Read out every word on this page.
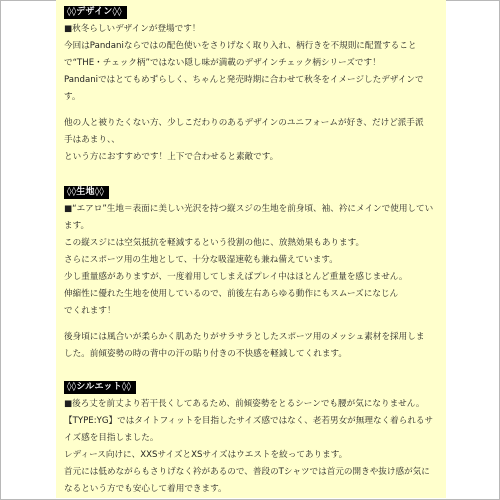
◊◊デザイン◊◊

■秋冬らしいデザインが登場です！

今回はPandaniならではの配色使いをさりげなく取り入れ、柄行きを不規則に配置すること

で“THE・チェック柄”ではない隠し味が満載のデザインチェック柄シリーズです！

Pandaniではとてもめずらしく、ちゃんと発売時期に合わせて秋冬をイメージしたデザインで

す。

他の人と被りたくない方、少しこだわりのあるデザインのユニフォームが好き、だけど派手派

手はあまり、、

という方におすすめです！上下で合わせると素敵です。

◊◊生地◊◊

■“エアロ”生地＝表面に美しい光沢を持つ縦スジの生地を前身頃、袖、衿にメインで使用してい

ます。

この縦スジには空気抵抗を軽減するという役割の他に、放熱効果もあります。

さらにスポーツ用の生地として、十分な吸湿速乾も兼ね備えています。

少し重量感がありますが、一度着用してしまえばプレイ中はほとんど重量を感じません。

伸縮性に優れた生地を使用しているので、前後左右あらゆる動作にもスムーズになじん

でくれます！

後身頃には風合いが柔らかく肌あたりがサラサラとしたスポーツ用のメッシュ素材を採用しま

した。前傾姿勢の時の背中の汗の貼り付きの不快感を軽減してくれます。

◊◊シルエット◊◊

■後ろ丈を前丈より若干長くしてあるため、前傾姿勢をとるシーンでも腰が気になりません。

【TYPE:YG】ではタイトフィットを目指したサイズ感ではなく、老若男女が無理なく着られるサ

イズ感を目指しました。

レディース向けに、XXSサイズとXSサイズはウエストを絞ってあります。

首元には低めながらもさりげなく衿があるので、普段のTシャツでは首元の開きや抜け感が気に

なるという方でも安心して着用できます。
